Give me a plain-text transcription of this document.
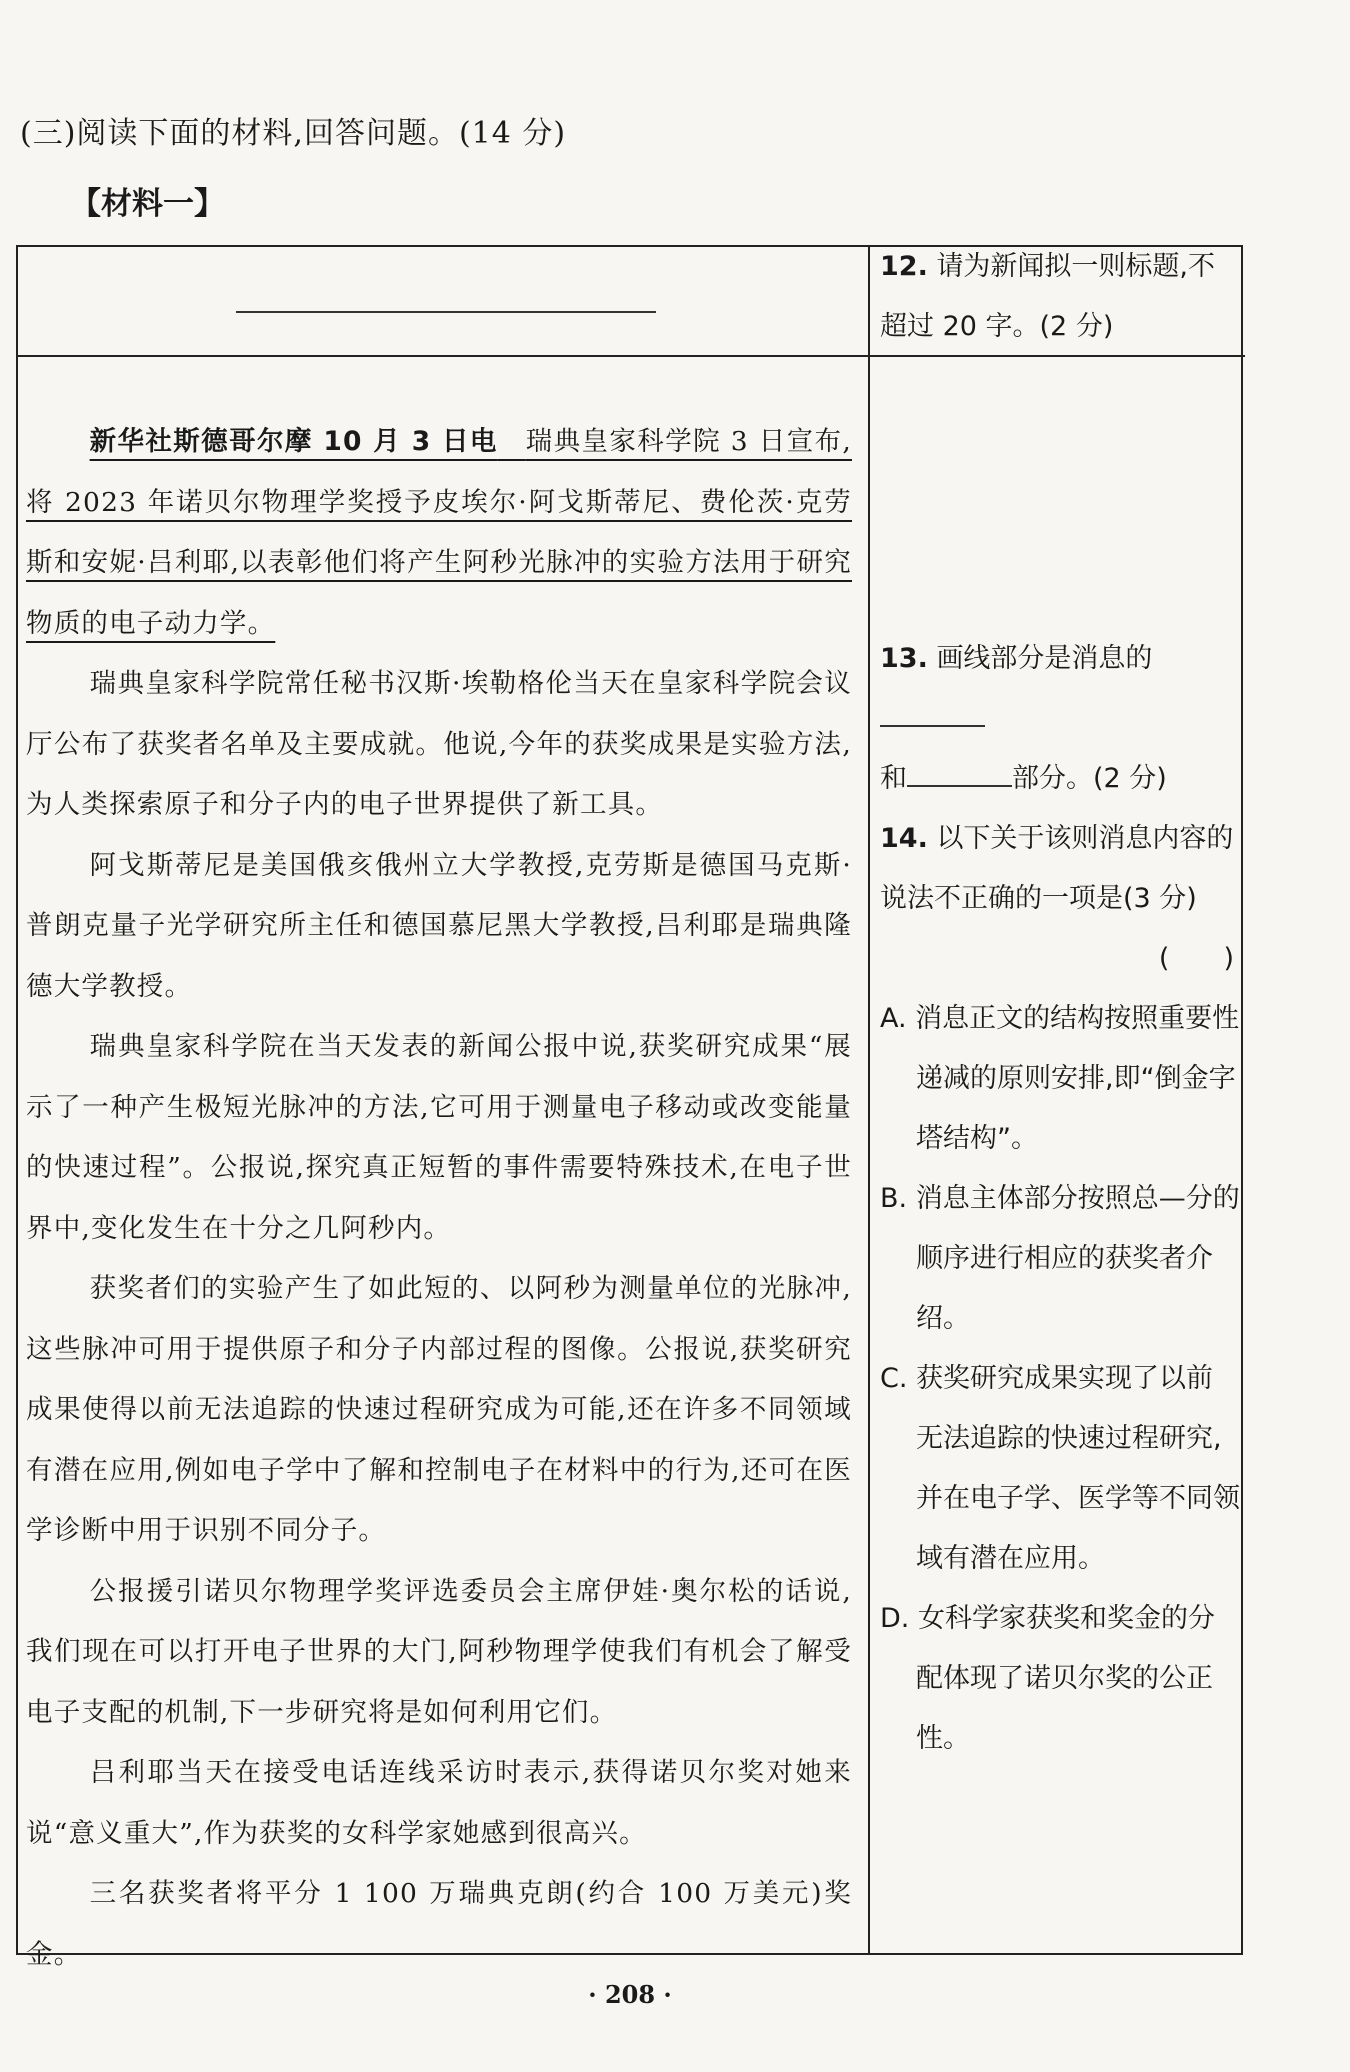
(三)阅读下面的材料,回答问题。(14 分)
【材料一】

新华社斯德哥尔摩 10 月 3 日电　 瑞典皇家科学院 3 日宣布,将 2023 年诺贝尔物理学奖授予皮埃尔·阿戈斯蒂尼、费伦茨·克劳斯和安妮·吕利耶,以表彰他们将产生阿秒光脉冲的实验方法用于研究物质的电子动力学。

瑞典皇家科学院常任秘书汉斯·埃勒格伦当天在皇家科学院会议厅公布了获奖者名单及主要成就。他说,今年的获奖成果是实验方法,为人类探索原子和分子内的电子世界提供了新工具。

阿戈斯蒂尼是美国俄亥俄州立大学教授,克劳斯是德国马克斯·普朗克量子光学研究所主任和德国慕尼黑大学教授,吕利耶是瑞典隆德大学教授。

瑞典皇家科学院在当天发表的新闻公报中说,获奖研究成果“展示了一种产生极短光脉冲的方法,它可用于测量电子移动或改变能量的快速过程”。公报说,探究真正短暂的事件需要特殊技术,在电子世界中,变化发生在十分之几阿秒内。

获奖者们的实验产生了如此短的、以阿秒为测量单位的光脉冲,这些脉冲可用于提供原子和分子内部过程的图像。公报说,获奖研究成果使得以前无法追踪的快速过程研究成为可能,还在许多不同领域有潜在应用,例如电子学中了解和控制电子在材料中的行为,还可在医学诊断中用于识别不同分子。

公报援引诺贝尔物理学奖评选委员会主席伊娃·奥尔松的话说,我们现在可以打开电子世界的大门,阿秒物理学使我们有机会了解受电子支配的机制,下一步研究将是如何利用它们。

吕利耶当天在接受电话连线采访时表示,获得诺贝尔奖对她来说“意义重大”,作为获奖的女科学家她感到很高兴。

三名获奖者将平分 1 100 万瑞典克朗(约合 100 万美元)奖金。

12. 请为新闻拟一则标题,不超过 20 字。(2 分)
13. 画线部分是消息的
和	部分。(2 分)
14. 以下关于该则消息内容的说法不正确的一项是(3 分)
(　　)
A. 消息正文的结构按照重要性递减的原则安排,即“倒金字塔结构”。
B. 消息主体部分按照总—分的顺序进行相应的获奖者介绍。
C. 获奖研究成果实现了以前无法追踪的快速过程研究,并在电子学、医学等不同领域有潜在应用。
D. 女科学家获奖和奖金的分配体现了诺贝尔奖的公正性。
· 208 ·
